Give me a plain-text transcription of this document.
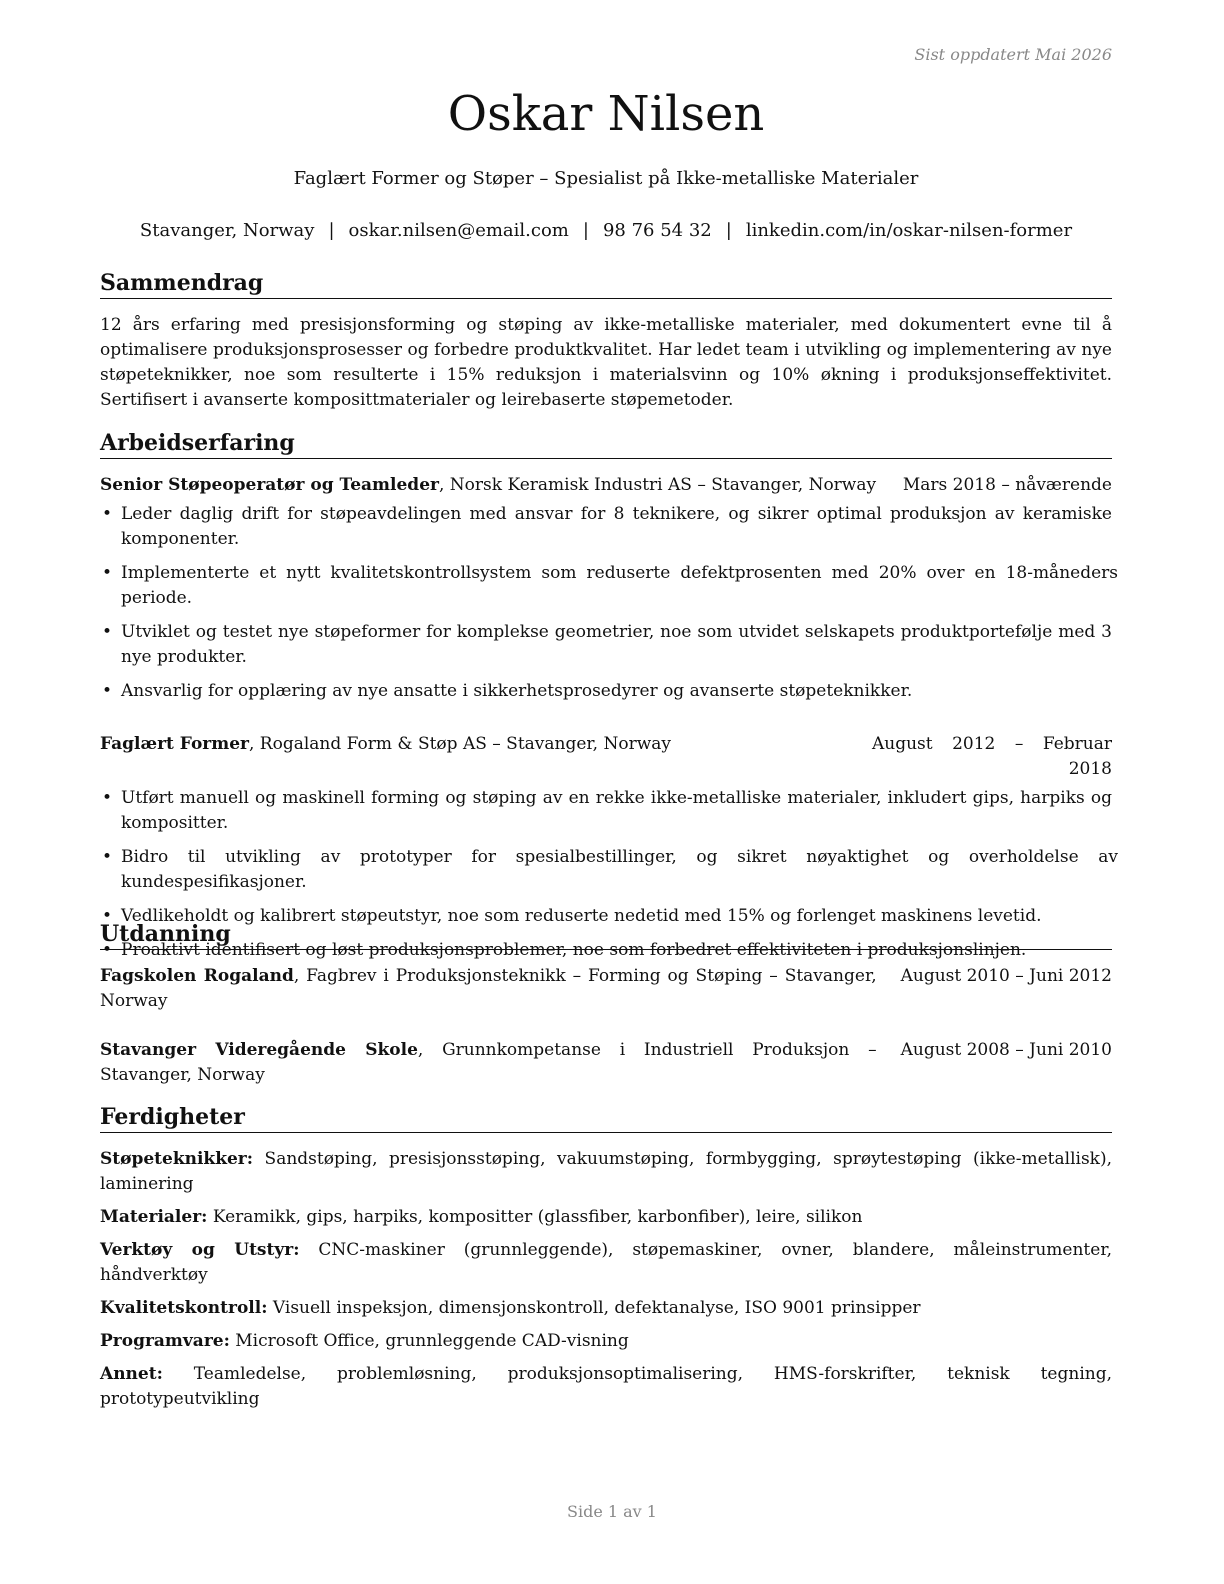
Sist oppdatert Mai 2026
Oskar Nilsen
Faglært Former og Støper – Spesialist på Ikke-metalliske Materialer
Stavanger, Norway | oskar.nilsen@email.com | 98 76 54 32 | linkedin.com/in/oskar-nilsen-former
Sammendrag

12 års erfaring med presisjonsforming og støping av ikke-metalliske materialer, med dokumentert evne til å optimalisere produksjonsprosesser og forbedre produktkvalitet. Har ledet team i utvikling og implementering av nye støpeteknikker, noe som resulterte i 15% reduksjon i materialsvinn og 10% økning i produksjonseffektivitet. Sertifisert i avanserte komposittmaterialer og leirebaserte støpemetoder.

Arbeidserfaring
Senior Støpeoperatør og Teamleder, Norsk Keramisk Industri AS – Stavanger, Norway	Mars 2018 – nåværende
• Leder daglig drift for støpeavdelingen med ansvar for 8 teknikere, og sikrer optimal produksjon av keramiske komponenter.
• Implementerte et nytt kvalitetskontrollsystem som reduserte defektprosenten med 20% over en 18-måneders periode.
• Utviklet og testet nye støpeformer for komplekse geometrier, noe som utvidet selskapets produktportefølje med 3 nye produkter.
• Ansvarlig for opplæring av nye ansatte i sikkerhetsprosedyrer og avanserte støpeteknikker.
Faglært Former, Rogaland Form & Støp AS – Stavanger, Norway	August 2012 – Februar 2018
• Utført manuell og maskinell forming og støping av en rekke ikke-metalliske materialer, inkludert gips, harpiks og kompositter.
• Bidro til utvikling av prototyper for spesialbestillinger, og sikret nøyaktighet og overholdelse av kundespesifikasjoner.
• Vedlikeholdt og kalibrert støpeutstyr, noe som reduserte nedetid med 15% og forlenget maskinens levetid.
• Proaktivt identifisert og løst produksjonsproblemer, noe som forbedret effektiviteten i produksjonslinjen.
Utdanning
Fagskolen Rogaland, Fagbrev i Produksjonsteknikk – Forming og Støping – Stavanger, Norway
August 2010 – Juni 2012
Stavanger Videregående Skole, Grunnkompetanse i Industriell Produksjon – Stavanger, Norway
August 2008 – Juni 2010
Ferdigheter
Støpeteknikker: Sandstøping, presisjonsstøping, vakuumstøping, formbygging, sprøytestøping (ikke-metallisk), laminering
Materialer: Keramikk, gips, harpiks, kompositter (glassfiber, karbonfiber), leire, silikon
Verktøy og Utstyr: CNC-maskiner (grunnleggende), støpemaskiner, ovner, blandere, måleinstrumenter, håndverktøy
Kvalitetskontroll: Visuell inspeksjon, dimensjonskontroll, defektanalyse, ISO 9001 prinsipper
Programvare: Microsoft Office, grunnleggende CAD-visning
Annet: Teamledelse, problemløsning, produksjonsoptimalisering, HMS-forskrifter, teknisk tegning, prototypeutvikling
Side 1 av 1
